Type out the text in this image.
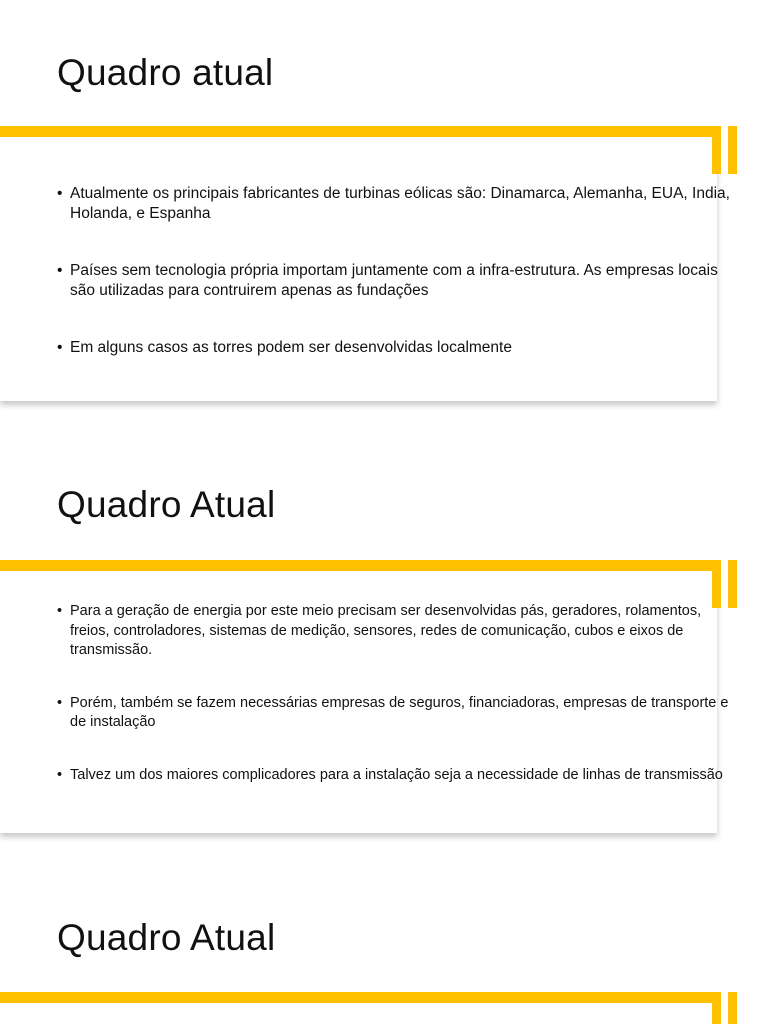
Quadro atual
• Atualmente os principais fabricantes de turbinas eólicas são: Dinamarca, Alemanha, EUA, India, Holanda, e Espanha
• Países sem tecnologia própria importam juntamente com a infra-estrutura. As empresas locais são utilizadas para contruirem apenas as fundações
• Em alguns casos as torres podem ser desenvolvidas localmente
Quadro Atual
• Para a geração de energia por este meio precisam ser desenvolvidas pás, geradores, rolamentos, freios, controladores, sistemas de medição, sensores, redes de comunicação, cubos e eixos de transmissão.
• Porém, também se fazem necessárias empresas de seguros, financiadoras, empresas de transporte e de instalação
• Talvez um dos maiores complicadores para a instalação seja a necessidade de linhas de transmissão
Quadro Atual
